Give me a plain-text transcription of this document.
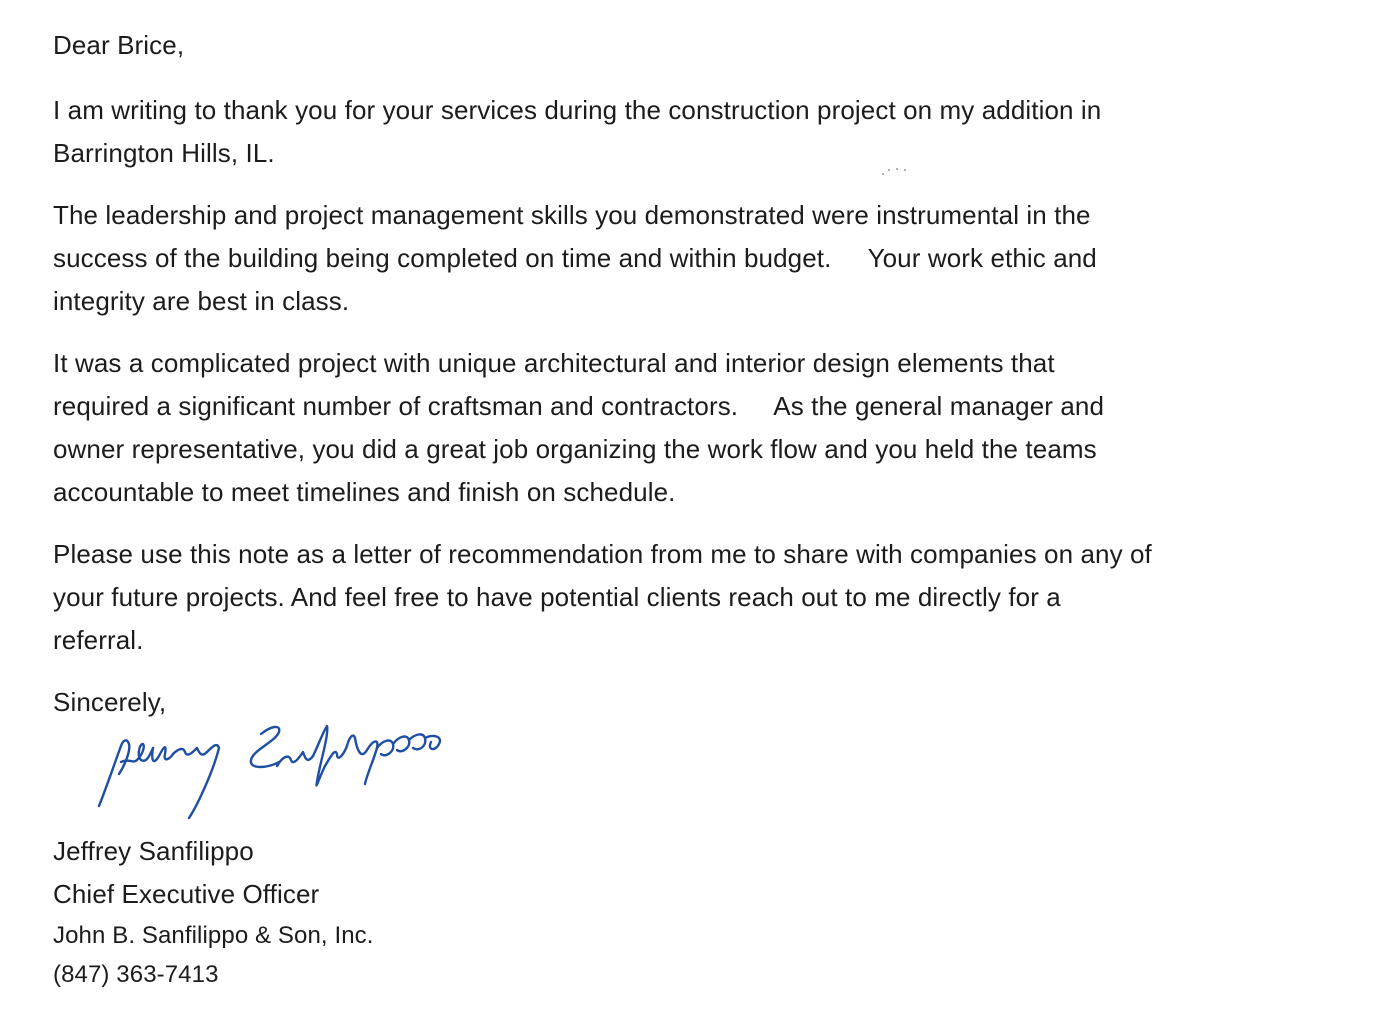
Dear Brice,
I am writing to thank you for your services during the construction project on my addition in
Barrington Hills, IL.
The leadership and project management skills you demonstrated were instrumental in the
success of the building being completed on time and within budget.     Your work ethic and
integrity are best in class.
It was a complicated project with unique architectural and interior design elements that
required a significant number of craftsman and contractors.     As the general manager and
owner representative, you did a great job organizing the work flow and you held the teams
accountable to meet timelines and finish on schedule.
Please use this note as a letter of recommendation from me to share with companies on any of
your future projects. And feel free to have potential clients reach out to me directly for a
referral.
Sincerely,
Jeffrey Sanfilippo
Chief Executive Officer
John B. Sanfilippo & Son, Inc.
(847) 363-7413
